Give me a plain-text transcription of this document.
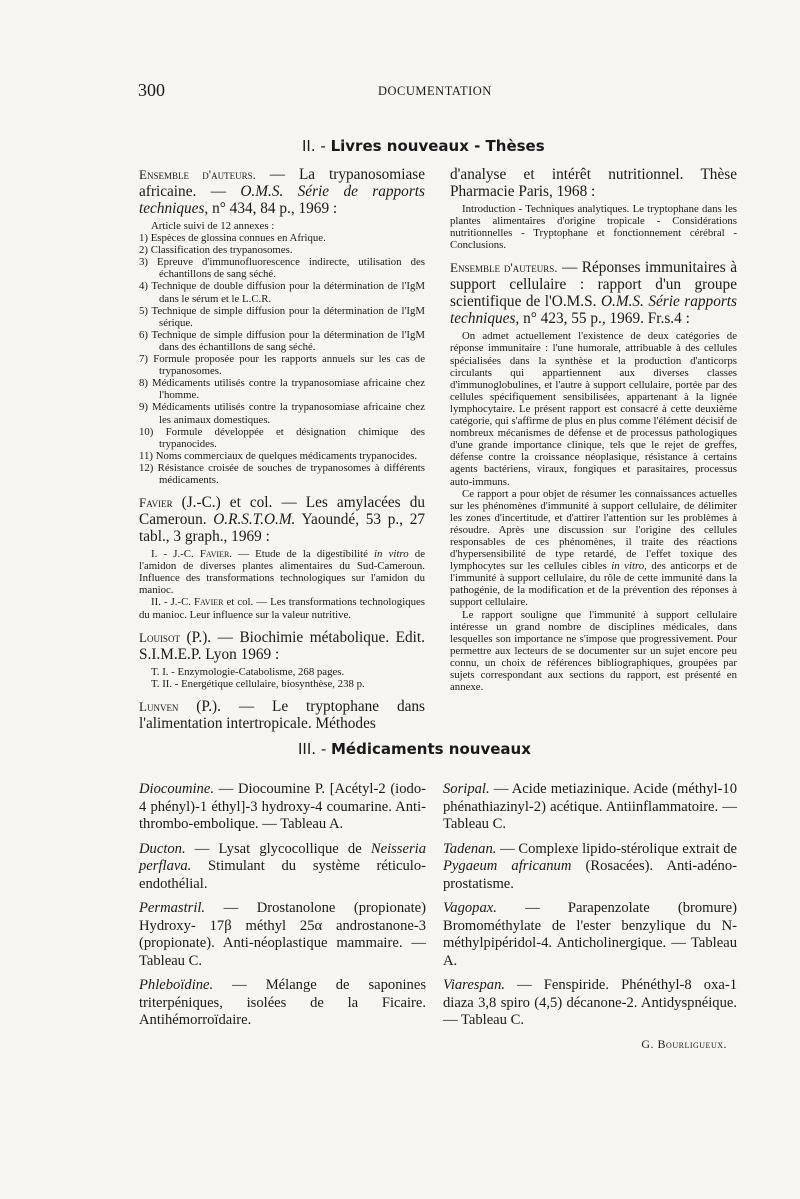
300	DOCUMENTATION
II. - Livres nouveaux - Thèses

Ensemble d'auteurs. — La trypanosomiase africaine. — O.M.S. Série de rapports techniques, n° 434, 84 p., 1969 :

Article suivi de 12 annexes :
1) Espèces de glossina connues en Afrique.
2) Classification des trypanosomes.
3) Epreuve d'immunofluorescence indirecte, utilisation des échantillons de sang séché.
4) Technique de double diffusion pour la détermination de l'IgM dans le sérum et le L.C.R.
5) Technique de simple diffusion pour la détermination de l'IgM sérique.
6) Technique de simple diffusion pour la détermination de l'IgM dans des échantillons de sang séché.
7) Formule proposée pour les rapports annuels sur les cas de trypanosomes.
8) Médicaments utilisés contre la trypanosomiase africaine chez l'homme.
9) Médicaments utilisés contre la trypanosomiase africaine chez les animaux domestiques.
10) Formule développée et désignation chimique des trypanocides.
11) Noms commerciaux de quelques médicaments trypanocides.
12) Résistance croisée de souches de trypanosomes à différents médicaments.

Favier (J.-C.) et col. — Les amylacées du Cameroun. O.R.S.T.O.M. Yaoundé, 53 p., 27 tabl., 3 graph., 1969 :

I. - J.-C. Favier. — Etude de la digestibilité in vitro de l'amidon de diverses plantes alimentaires du Sud-Cameroun. Influence des transformations technologiques sur l'amidon du manioc.
II. - J.-C. Favier et col. — Les transformations technologiques du manioc. Leur influence sur la valeur nutritive.

Louisot (P.). — Biochimie métabolique. Edit. S.I.M.E.P. Lyon 1969 :

T. I. - Enzymologie-Catabolisme, 268 pages.
T. II. - Energétique cellulaire, biosynthèse, 238 p.

Lunven (P.). — Le tryptophane dans l'alimentation intertropicale. Méthodes

d'analyse et intérêt nutritionnel. Thèse Pharmacie Paris, 1968 :

Introduction - Techniques analytiques. Le tryptophane dans les plantes alimentaires d'origine tropicale - Considérations nutritionnelles - Tryptophane et fonctionnement cérébral - Conclusions.

Ensemble d'auteurs. — Réponses immunitaires à support cellulaire : rapport d'un groupe scientifique de l'O.M.S. O.M.S. Série rapports techniques, n° 423, 55 p., 1969. Fr.s.4 :

On admet actuellement l'existence de deux catégories de réponse immunitaire : l'une humorale, attribuable à des cellules spécialisées dans la synthèse et la production d'anticorps circulants qui appartiennent aux diverses classes d'immunoglobulines, et l'autre à support cellulaire, portée par des cellules spécifiquement sensibilisées, appartenant à la lignée lymphocytaire. Le présent rapport est consacré à cette deuxième catégorie, qui s'affirme de plus en plus comme l'élément décisif de nombreux mécanismes de défense et de processus pathologiques d'une grande importance clinique, tels que le rejet de greffes, défense contre la croissance néoplasique, résistance à certains agents bactériens, viraux, fongiques et parasitaires, processus auto-immuns.
Ce rapport a pour objet de résumer les connaissances actuelles sur les phénomènes d'immunité à support cellulaire, de délimiter les zones d'incertitude, et d'attirer l'attention sur les problèmes à résoudre. Après une discussion sur l'origine des cellules responsables de ces phénomènes, il traite des réactions d'hypersensibilité de type retardé, de l'effet toxique des lymphocytes sur les cellules cibles in vitro, des anticorps et de l'immunité à support cellulaire, du rôle de cette immunité dans la pathogénie, de la modification et de la prévention des réponses à support cellulaire.
Le rapport souligne que l'immunité à support cellulaire intéresse un grand nombre de disciplines médicales, dans lesquelles son importance ne s'impose que progressivement. Pour permettre aux lecteurs de se documenter sur un sujet encore peu connu, un choix de références bibliographiques, groupées par sujets correspondant aux sections du rapport, est présenté en annexe.
III. - Médicaments nouveaux

Diocoumine. — Diocoumine P. [Acétyl-2 (iodo-4 phényl)-1 éthyl]-3 hydroxy-4 coumarine. Anti-thrombo-embolique. — Tableau A.

Ducton. — Lysat glycocollique de Neisseria perflava. Stimulant du système réticulo-endothélial.

Permastril. — Drostanolone (propionate) Hydroxy- 17β méthyl 25α androstanone-3 (propionate). Anti-néoplastique mammaire. — Tableau C.

Phleboïdine. — Mélange de saponines triterpéniques, isolées de la Ficaire. Antihémorroïdaire.

Soripal. — Acide metiazinique. Acide (méthyl-10 phénathiazinyl-2) acétique. Antiinflammatoire. — Tableau C.

Tadenan. — Complexe lipido-stérolique extrait de Pygaeum africanum (Rosacées). Anti-adéno-prostatisme.

Vagopax. — Parapenzolate (bromure) Bromométhylate de l'ester benzylique du N-méthylpipéridol-4. Anticholinergique. — Tableau A.

Viarespan. — Fenspiride. Phénéthyl-8 oxa-1 diaza 3,8 spiro (4,5) décanone-2. Antidyspnéique. — Tableau C.

G. Bourligueux.
